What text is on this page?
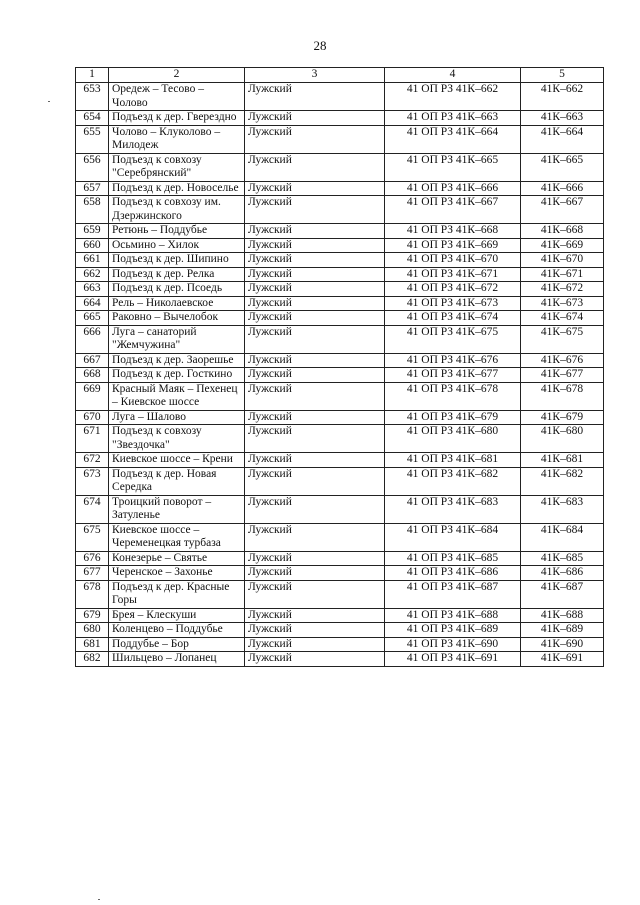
28
1	2	3	4	5
653	Оредеж – Тесово – Чолово	Лужский	41 ОП РЗ 41К–662	41К–662
654	Подъезд к дер. Гверездно	Лужский	41 ОП РЗ 41К–663	41К–663
655	Чолово – Клуколово – Милодеж	Лужский	41 ОП РЗ 41К–664	41К–664
656	Подъезд к совхозу "Серебрянский"	Лужский	41 ОП РЗ 41К–665	41К–665
657	Подъезд к дер. Новоселье	Лужский	41 ОП РЗ 41К–666	41К–666
658	Подъезд к совхозу им. Дзержинского	Лужский	41 ОП РЗ 41К–667	41К–667
659	Ретюнь – Поддубье	Лужский	41 ОП РЗ 41К–668	41К–668
660	Осьмино – Хилок	Лужский	41 ОП РЗ 41К–669	41К–669
661	Подъезд к дер. Шипино	Лужский	41 ОП РЗ 41К–670	41К–670
662	Подъезд к дер. Релка	Лужский	41 ОП РЗ 41К–671	41К–671
663	Подъезд к дер. Псоедь	Лужский	41 ОП РЗ 41К–672	41К–672
664	Рель – Николаевское	Лужский	41 ОП РЗ 41К–673	41К–673
665	Раковно – Вычелобок	Лужский	41 ОП РЗ 41К–674	41К–674
666	Луга – санаторий "Жемчужина"	Лужский	41 ОП РЗ 41К–675	41К–675
667	Подъезд к дер. Заорешье	Лужский	41 ОП РЗ 41К–676	41К–676
668	Подъезд к дер. Госткино	Лужский	41 ОП РЗ 41К–677	41К–677
669	Красный Маяк – Пехенец – Киевское шоссе	Лужский	41 ОП РЗ 41К–678	41К–678
670	Луга – Шалово	Лужский	41 ОП РЗ 41К–679	41К–679
671	Подъезд к совхозу "Звездочка"	Лужский	41 ОП РЗ 41К–680	41К–680
672	Киевское шоссе – Крени	Лужский	41 ОП РЗ 41К–681	41К–681
673	Подъезд к дер. Новая Середка	Лужский	41 ОП РЗ 41К–682	41К–682
674	Троицкий поворот – Затуленье	Лужский	41 ОП РЗ 41К–683	41К–683
675	Киевское шоссе – Череменецкая турбаза	Лужский	41 ОП РЗ 41К–684	41К–684
676	Конезерье – Святье	Лужский	41 ОП РЗ 41К–685	41К–685
677	Черенское – Захонье	Лужский	41 ОП РЗ 41К–686	41К–686
678	Подъезд к дер. Красные Горы	Лужский	41 ОП РЗ 41К–687	41К–687
679	Брея – Клескуши	Лужский	41 ОП РЗ 41К–688	41К–688
680	Коленцево – Поддубье	Лужский	41 ОП РЗ 41К–689	41К–689
681	Поддубье – Бор	Лужский	41 ОП РЗ 41К–690	41К–690
682	Шильцево – Лопанец	Лужский	41 ОП РЗ 41К–691	41К–691
